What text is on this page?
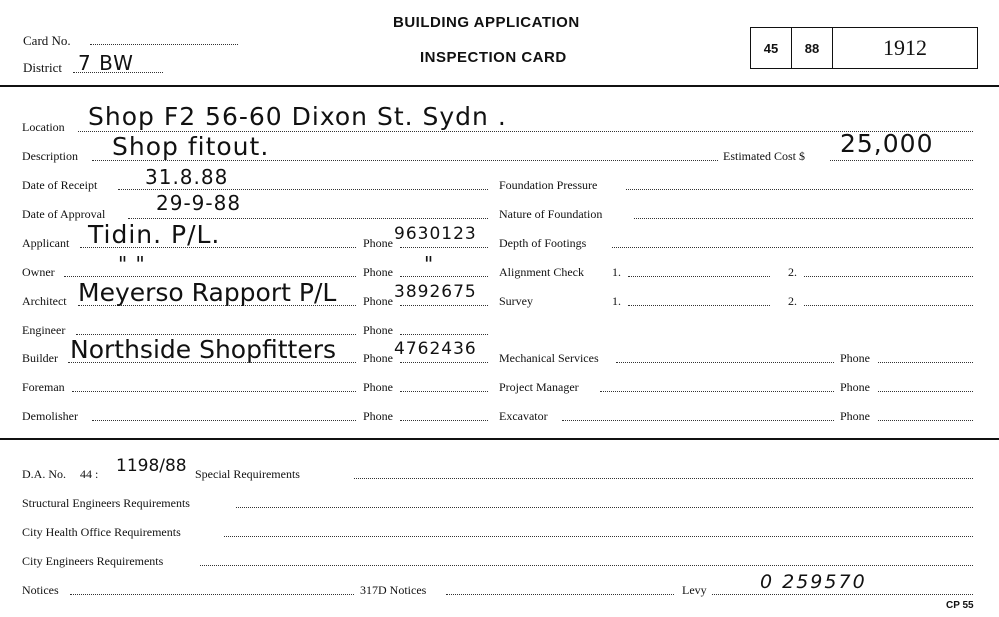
Card No.
District 7 BW
BUILDING APPLICATION
INSPECTION CARD
45	88	1912
Location Shop F2 56-60 Dixon St. Sydn .
Description Shop fitout.	Estimated Cost $ 25,000
Date of Receipt 31.8.88
Date of Approval	29-9-88
Applicant Tidin. P/L.	Phone 9630123
Owner	" "	Phone "
Architect Meyerso Rapport P/L Phone 3892675
Engineer	Phone
Builder Northside Shopfitters Phone 4762436
Foreman	Phone
Demolisher	Phone
Foundation Pressure
Nature of Foundation
Depth of Footings
Alignment Check 1.	2.
Survey	1.	2.
Mechanical Services	Phone
Project Manager	Phone
Excavator	Phone
D.A. No. 44 : 1198/88 Special Requirements
Structural Engineers Requirements
City Health Office Requirements
City Engineers Requirements
Notices	317D Notices	Levy	0 259570
CP 55
